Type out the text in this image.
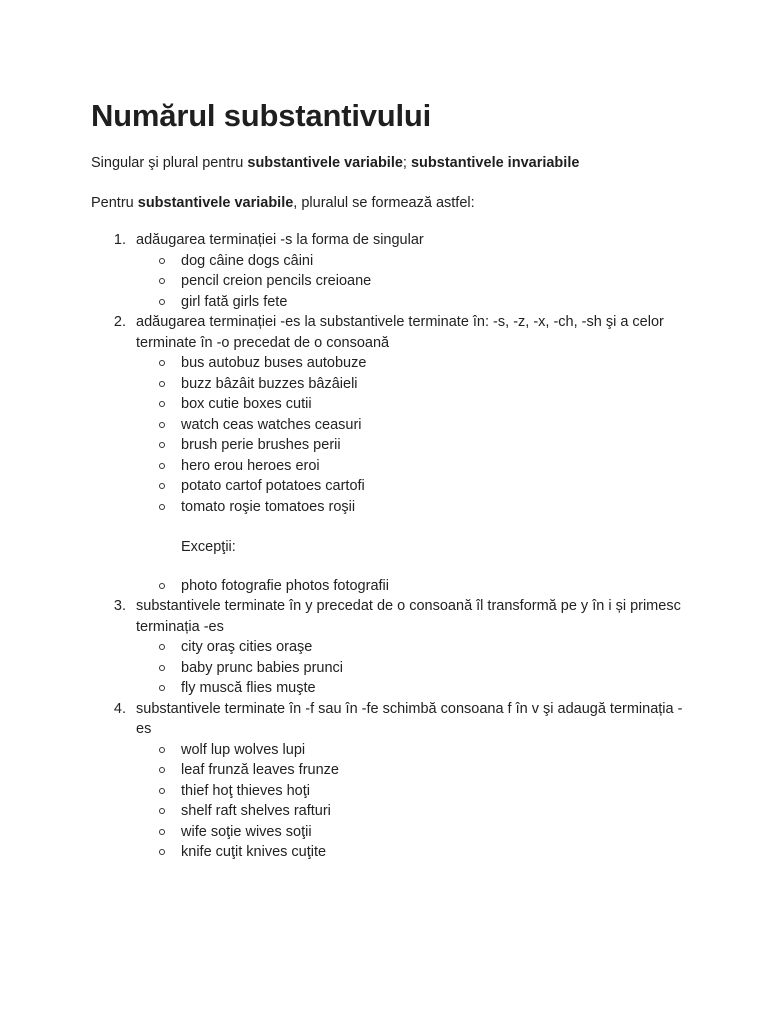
Numărul substantivului

Singular şi plural pentru substantivele variabile; substantivele invariabile

Pentru substantivele variabile, pluralul se formează astfel:

1. adăugarea terminației -s la forma de singular
dog câine dogs câini
pencil creion pencils creioane
girl fată girls fete
2. adăugarea terminației -es la substantivele terminate în: -s, -z, -x, -ch, -sh şi a celor terminate în -o precedat de o consoană
bus autobuz buses autobuze
buzz bâzâit buzzes bâzâieli
box cutie boxes cutii
watch ceas watches ceasuri
brush perie brushes perii
hero erou heroes eroi
potato cartof potatoes cartofi
tomato roşie tomatoes roşii
Excepţii:
photo fotografie photos fotografii
3. substantivele terminate în y precedat de o consoană îl transformă pe y în i și primesc terminația -es
city oraş cities oraşe
baby prunc babies prunci
fly muscă flies muşte
4. substantivele terminate în -f sau în -fe schimbă consoana f în v şi adaugă terminația -es
wolf lup wolves lupi
leaf frunză leaves frunze
thief hoţ thieves hoţi
shelf raft shelves rafturi
wife soţie wives soţii
knife cuţit knives cuţite
